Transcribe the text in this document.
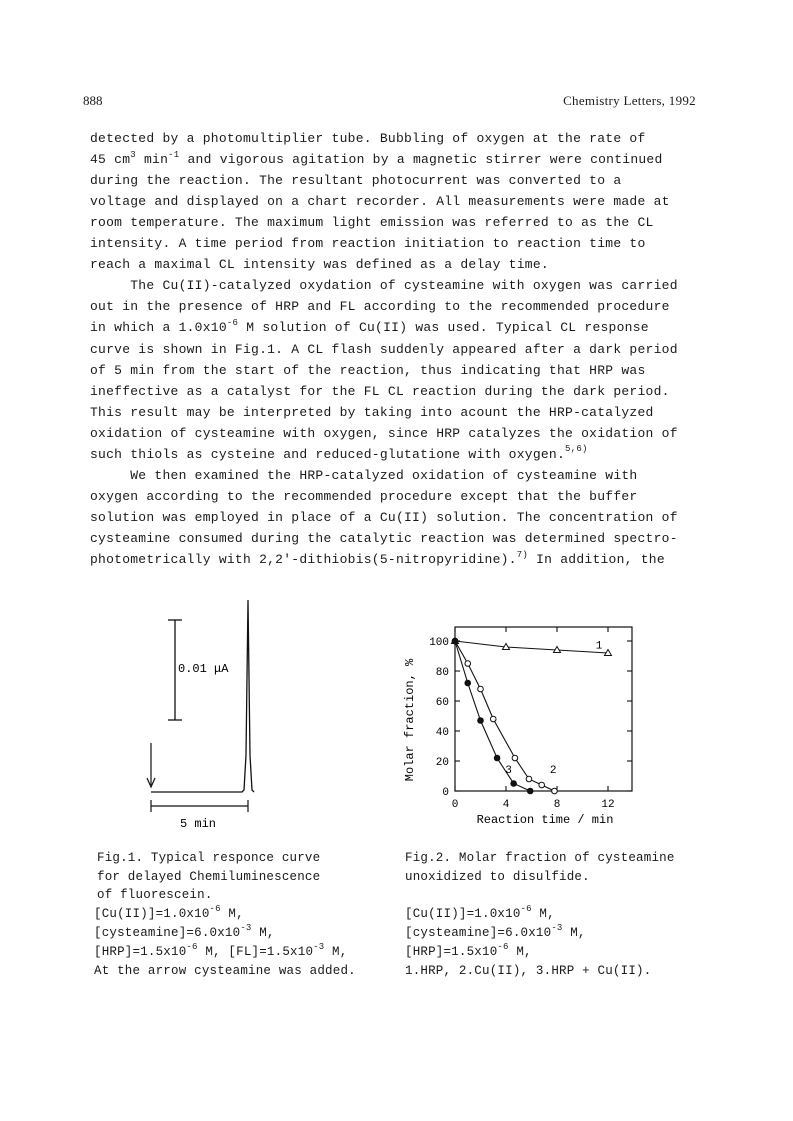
888	Chemistry Letters, 1992
detected by a photomultiplier tube. Bubbling of oxygen at the rate of
45 $cm^3$ $\min^{-1}$ and vigorous agitation by a magnetic stirrer were continued
during the reaction. The resultant photocurrent was converted to a
voltage and displayed on a chart recorder. All measurements were made at
room temperature. The maximum light emission was referred to as the CL
intensity. A time period from reaction initiation to reaction time to
reach a maximal CL intensity was defined as a delay time.
The Cu(II)-catalyzed oxydation of cysteamine with oxygen was carried
out in the presence of HRP and FL according to the recommended procedure
in which a $1.0x10^{-6}$ M solution of Cu(II) was used. Typical CL response
curve is shown in Fig.1. A CL flash suddenly appeared after a dark period
of 5 min from the start of the reaction, thus indicating that HRP was
ineffective as a catalyst for the FL CL reaction during the dark period.
This result may be interpreted by taking into acount the HRP-catalyzed
oxidation of cysteamine with oxygen, since HRP catalyzes the oxidation of
such thiols as cysteine and reduced-glutatione with oxygen.$^{5,6)}$
We then examined the HRP-catalyzed oxidation of cysteamine with
oxygen according to the recommended procedure except that the buffer
solution was employed in place of a Cu(II) solution. The concentration of
cysteamine consumed during the catalytic reaction was determined spectro-
photometrically with 2,2'-dithiobis(5-nitropyridine).$^{7)}$ In addition, the
0.01 μA
5 min
0
20
40
60
80
100
0	4	8	12
1
2
3
Reaction time / min
Molar fraction, %
Fig.1. Typical responce curve
for delayed Chemiluminescence
of fluorescein.
$[Cu(II)]=1.0x10^{-6}$ M,
$[cysteamine]=6.0x10^{-3}$ M,
$[HRP]=1.5x10^{-6}$ M, $[FL]=1.5x10^{-3}$ M,
At the arrow cysteamine was added.
Fig.2. Molar fraction of cysteamine
unoxidized to disulfide.
$[Cu(II)]=1.0x10^{-6}$ M,
$[cysteamine]=6.0x10^{-3}$ M,
$[HRP]=1.5x10^{-6}$ M,
1.HRP, 2.Cu(II), 3.HRP + Cu(II).
